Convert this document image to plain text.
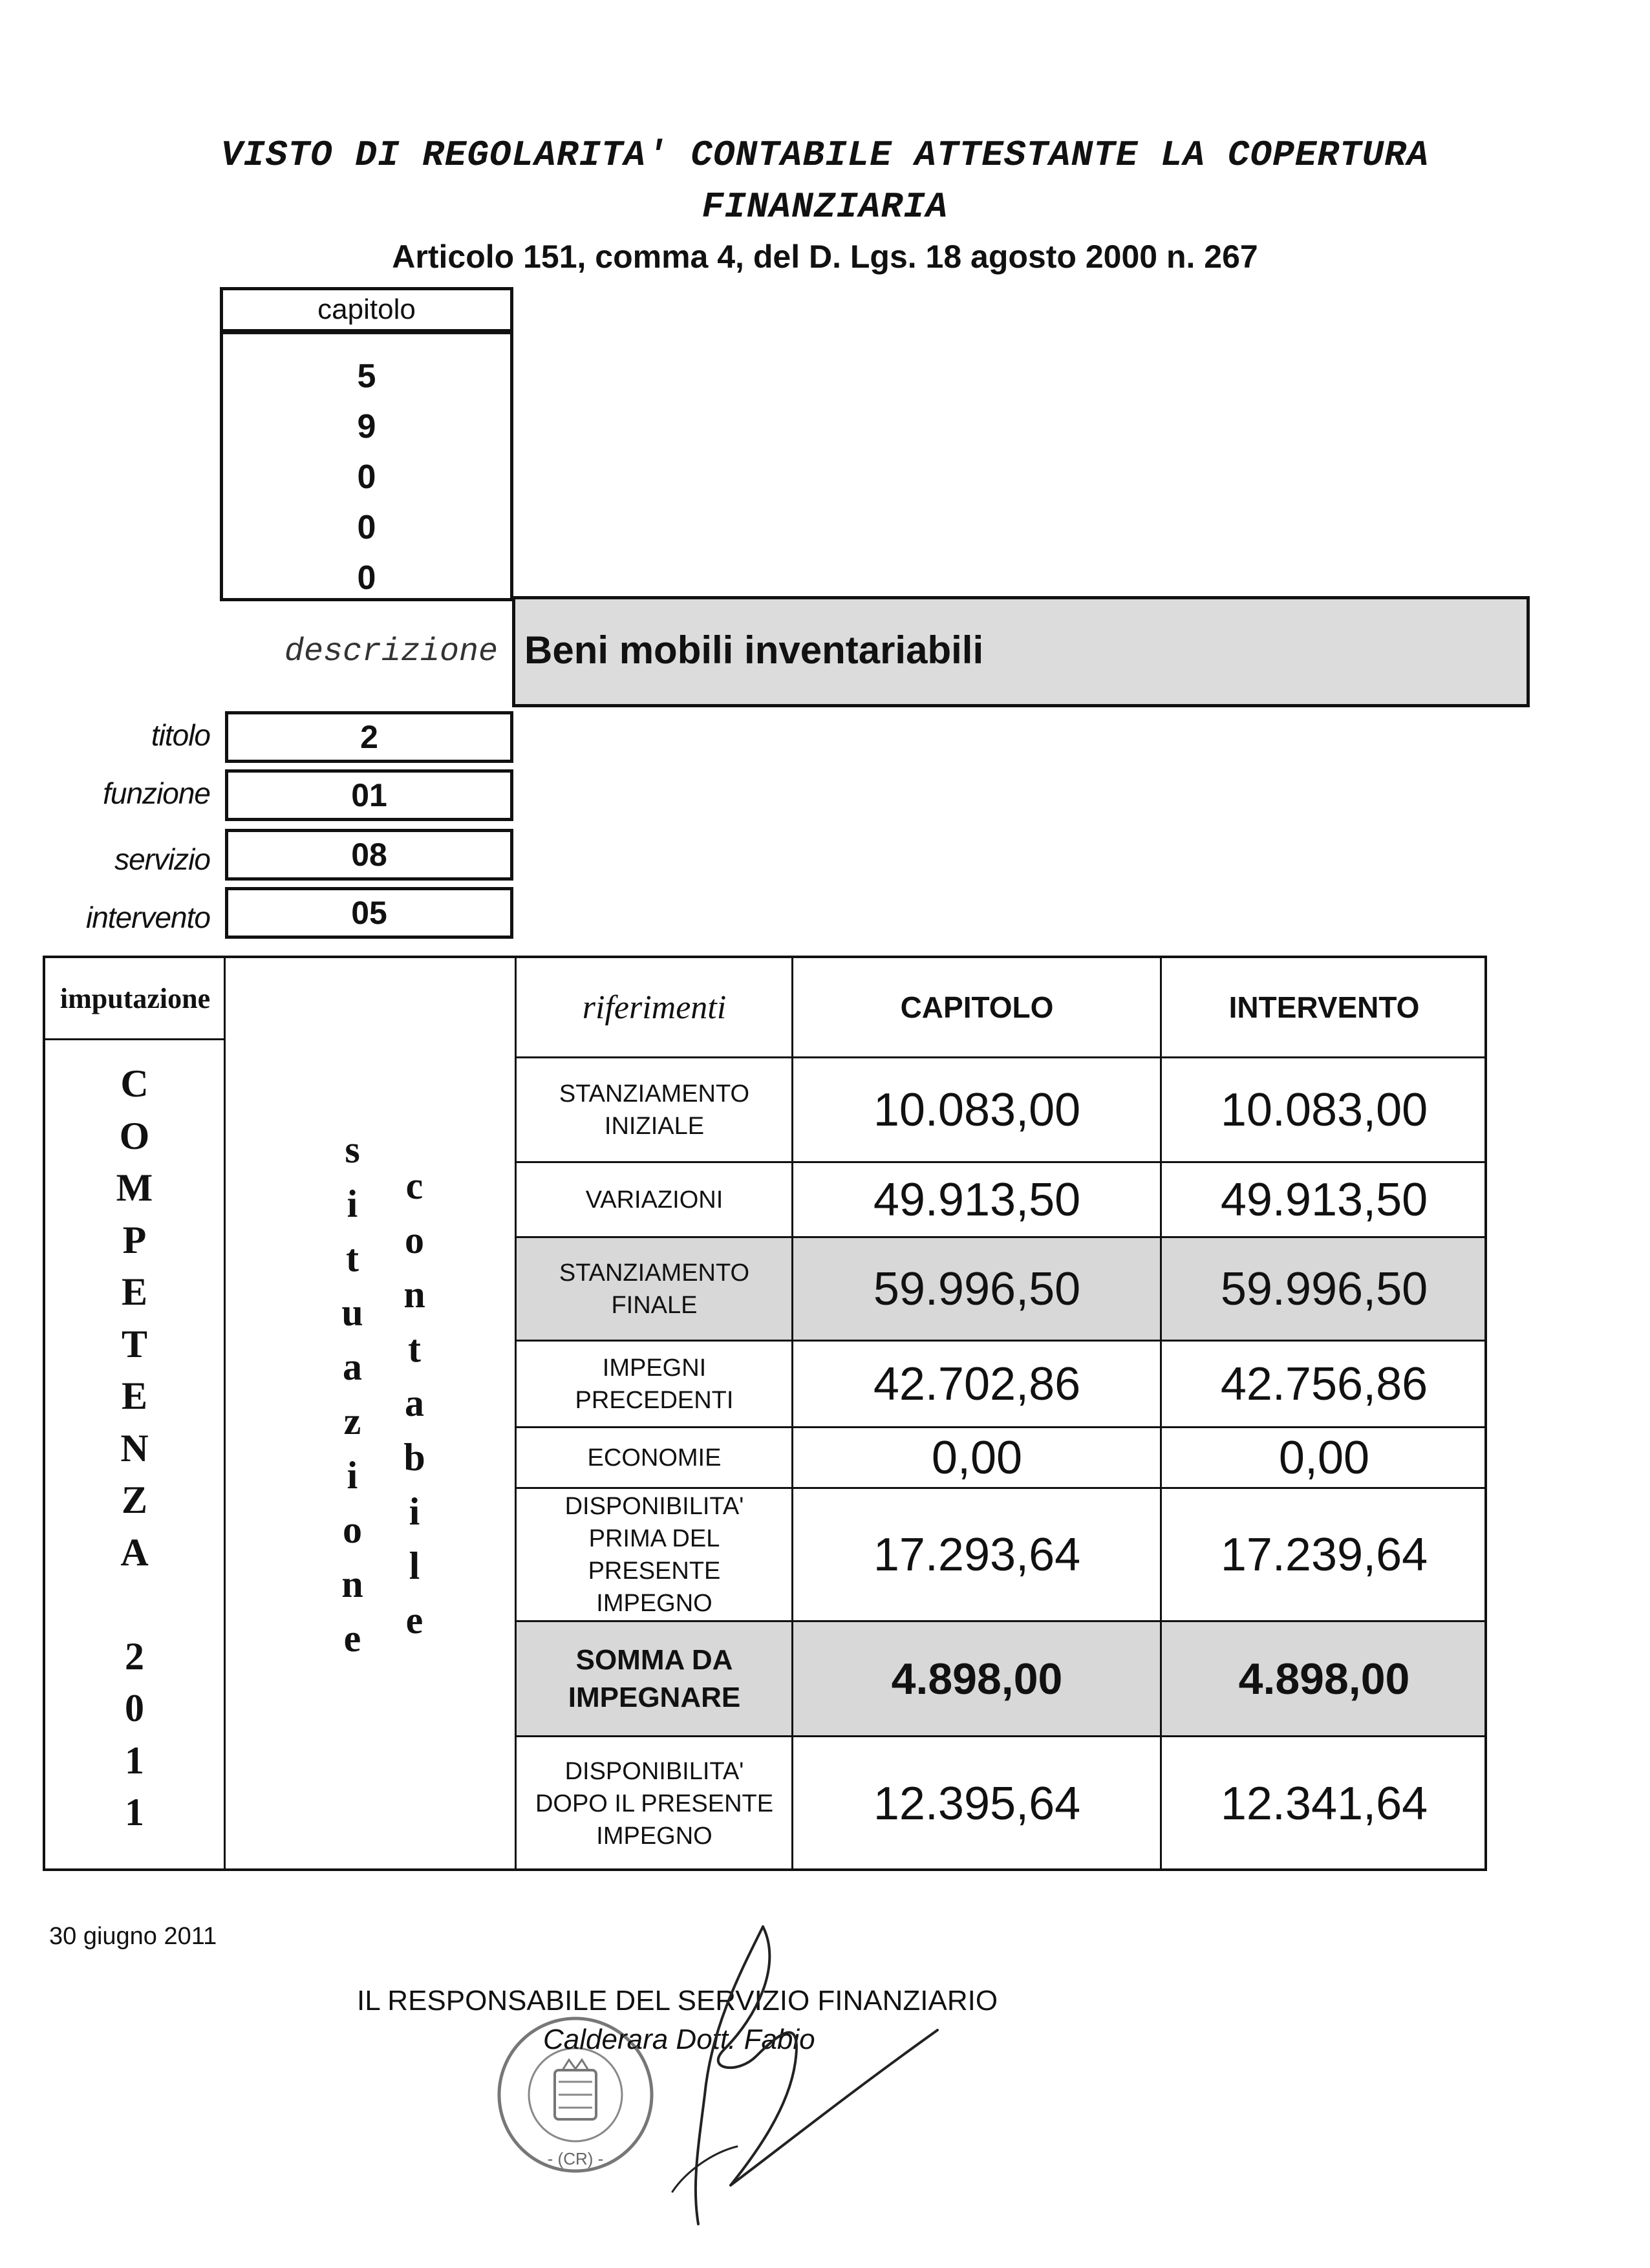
VISTO DI REGOLARITA' CONTABILE ATTESTANTE LA COPERTURA
FINANZIARIA
Articolo 151, comma 4, del D. Lgs. 18 agosto 2000 n. 267
capitolo
5
9
0
0
0
descrizione Beni mobili inventariabili
titolo	2
funzione	01
servizio	08
intervento	05
imputazione
C
O
M
P
E
T
E
N
Z
A
2
0
1
1
s
i
t
u
a
z
i
o
n
e
c
o
n
t
a
b
i
l
e
riferimenti	CAPITOLO	INTERVENTO
STANZIAMENTO
INIZIALE	10.083,00	10.083,00
VARIAZIONI	49.913,50	49.913,50
STANZIAMENTO
FINALE	59.996,50	59.996,50
IMPEGNI
PRECEDENTI	42.702,86	42.756,86
ECONOMIE	0,00	0,00
DISPONIBILITA'
PRIMA DEL
PRESENTE
IMPEGNO
17.293,64	17.239,64
SOMMA DA
IMPEGNARE	4.898,00	4.898,00
DISPONIBILITA'
DOPO IL PRESENTE
IMPEGNO
12.395,64	12.341,64
30 giugno 2011
- (CR) -
IL RESPONSABILE DEL SERVIZIO FINANZIARIO
Calderara Dott. Fabio
